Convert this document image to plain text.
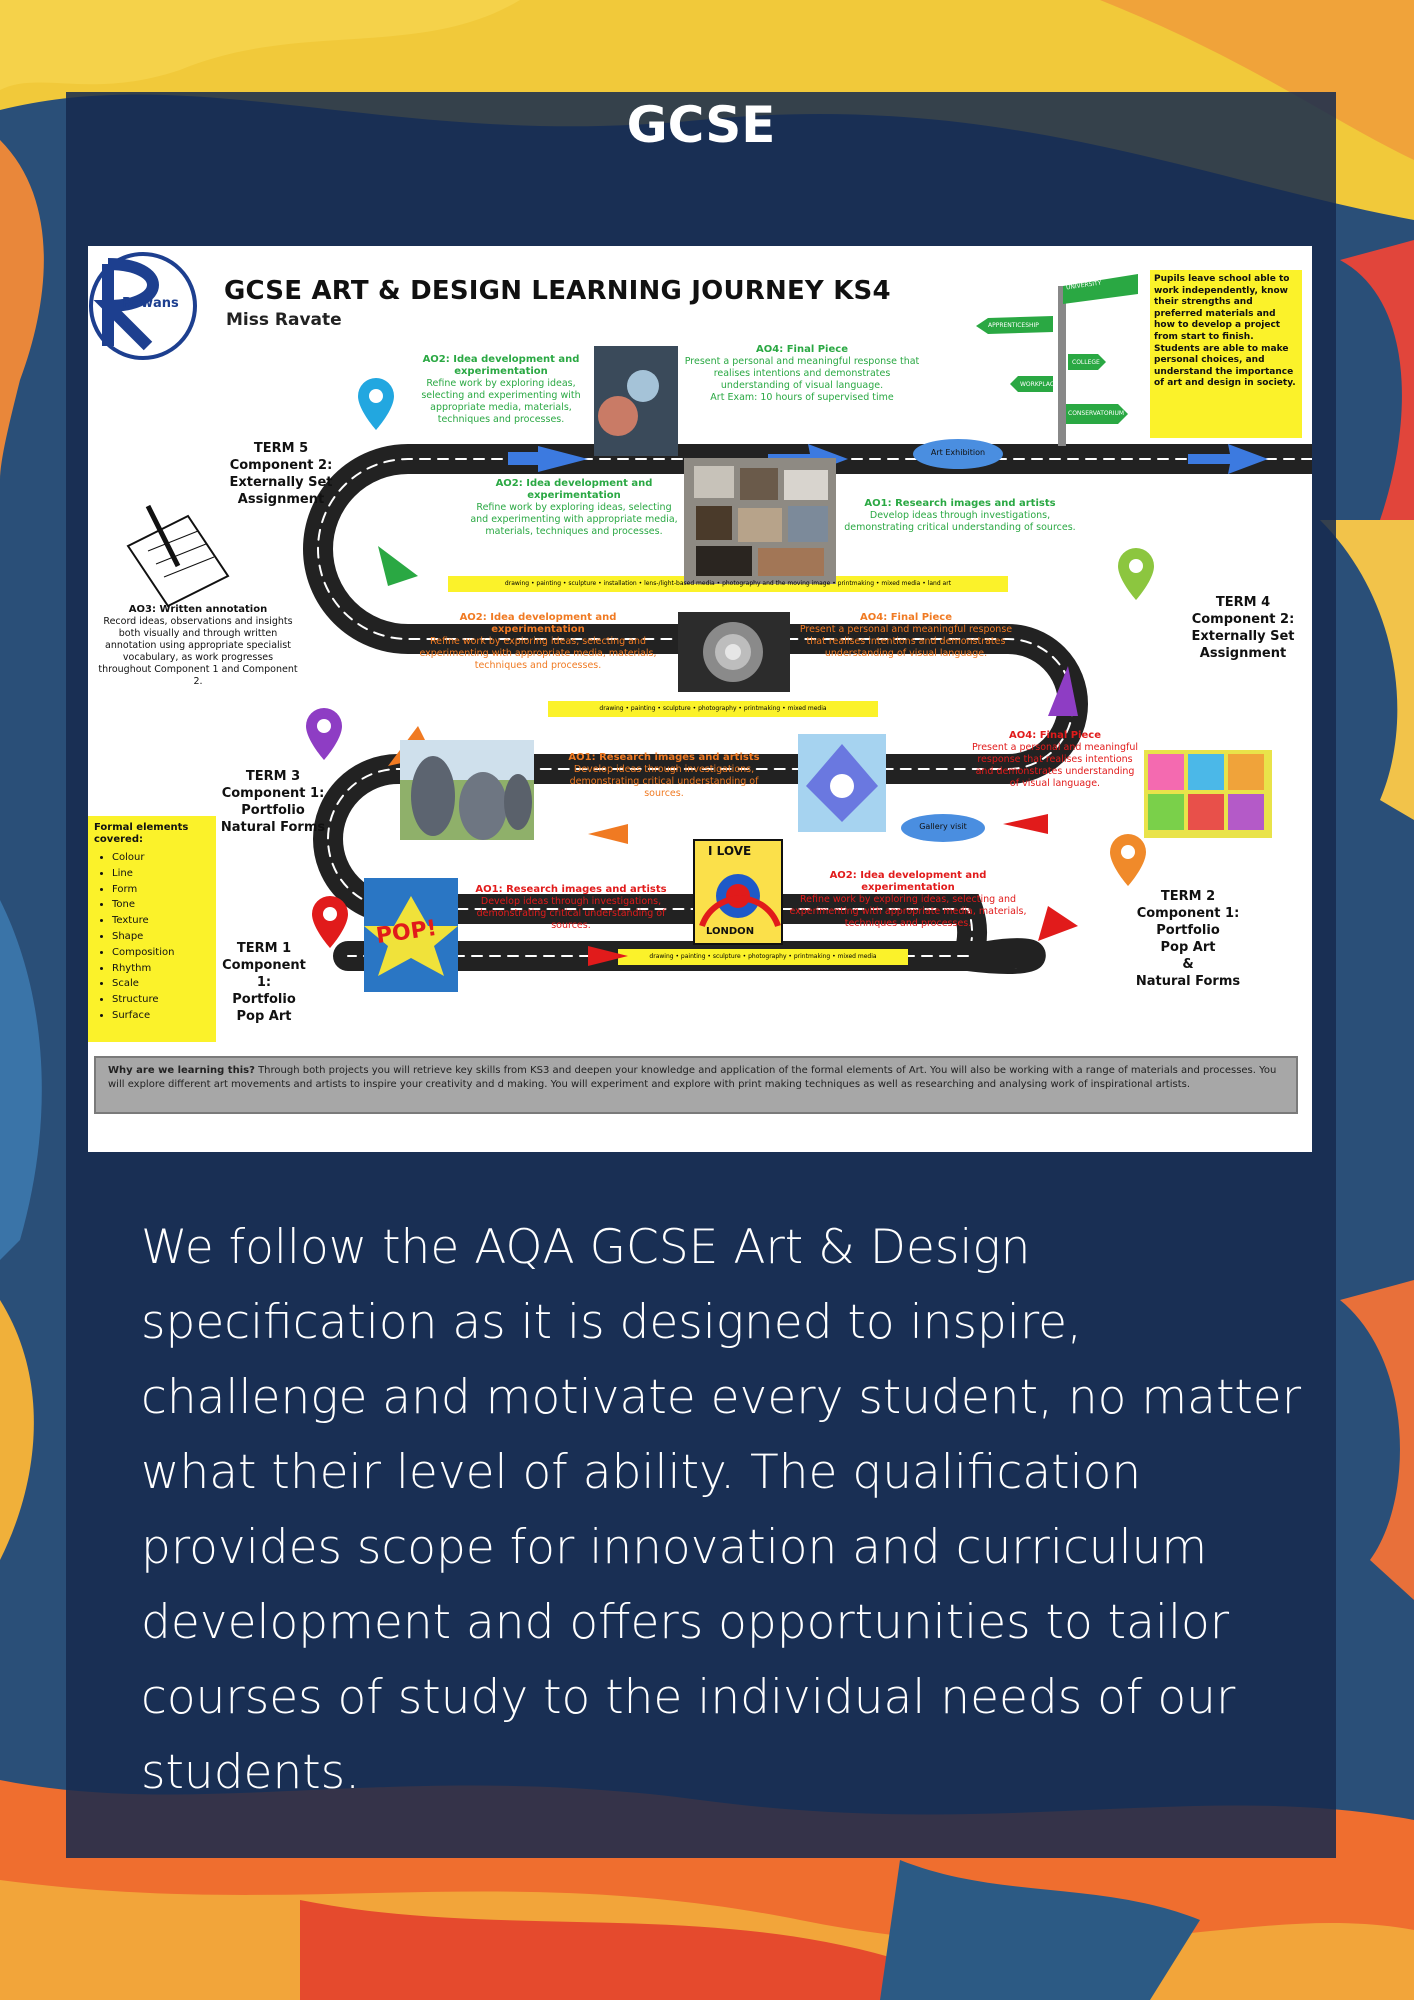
GCSE
GCSE ART & DESIGN LEARNING JOURNEY KS4
Miss Ravate
Rowans
TERM 5
Component 2:
Externally Set
Assignment
TERM 4
Component 2:
Externally Set
Assignment
TERM 3
Component 1:
Portfolio
Natural Forms
TERM 2
Component 1:
Portfolio
Pop Art
&
Natural Forms
TERM 1
Component 1:
Portfolio
Pop Art
AO2: Idea development and experimentation
Refine work by exploring ideas, selecting and experimenting with appropriate media, materials, techniques and processes.
AO4: Final Piece
Present a personal and meaningful response that realises intentions and demonstrates understanding of visual language.
Art Exam: 10 hours of supervised time
AO2: Idea development and experimentation
Refine work by exploring ideas, selecting and experimenting with appropriate media, materials, techniques and processes.
AO1: Research images and artists
Develop ideas through investigations, demonstrating critical understanding of sources.
AO2: Idea development and experimentation
Refine work by exploring ideas, selecting and experimenting with appropriate media, materials, techniques and processes.
AO4: Final Piece
Present a personal and meaningful response that realises intentions and demonstrates understanding of visual language.
AO1: Research images and artists
Develop ideas through investigations, demonstrating critical understanding of sources.
AO4: Final Piece
Present a personal and meaningful response that realises intentions and demonstrates understanding of visual language.
AO1: Research images and artists
Develop ideas through investigations, demonstrating critical understanding of sources.
AO2: Idea development and experimentation
Refine work by exploring ideas, selecting and experimenting with appropriate media, materials, techniques and processes.
AO3: Written annotation
Record ideas, observations and insights both visually and through written annotation using appropriate specialist vocabulary, as work progresses throughout Component 1 and Component 2.
drawing • painting • sculpture • installation • lens-/light-based media • photography and the moving image • printmaking • mixed media • land art
drawing • painting • sculpture • photography • printmaking • mixed media
drawing • painting • sculpture • photography • printmaking • mixed media
Art Exhibition
Gallery visit
UNIVERSITY
APPRENTICESHIP
COLLEGE
WORKPLACE
CONSERVATORIUM
Pupils leave school able to work independently, know their strengths and preferred materials and how to develop a project from start to finish. Students are able to make personal choices, and understand the importance of art and design in society.
Formal elements covered:
• Colour
• Line
• Form
• Tone
• Texture
• Shape
• Composition
• Rhythm
• Scale
• Structure
• Surface
POP!
I LOVE
LONDON
Why are we learning this? Through both projects you will retrieve key skills from KS3 and deepen your knowledge and application of the formal elements of Art. You will also be working with a range of materials and processes. You will explore different art movements and artists to inspire your creativity and d making. You will experiment and explore with print making techniques as well as researching and analysing work of inspirational artists.
We follow the AQA GCSE Art & Design
specification as it is designed to inspire,
challenge and motivate every student, no matter
what their level of ability. The qualification
provides scope for innovation and curriculum
development and offers opportunities to tailor
courses of study to the individual needs of our
students.
